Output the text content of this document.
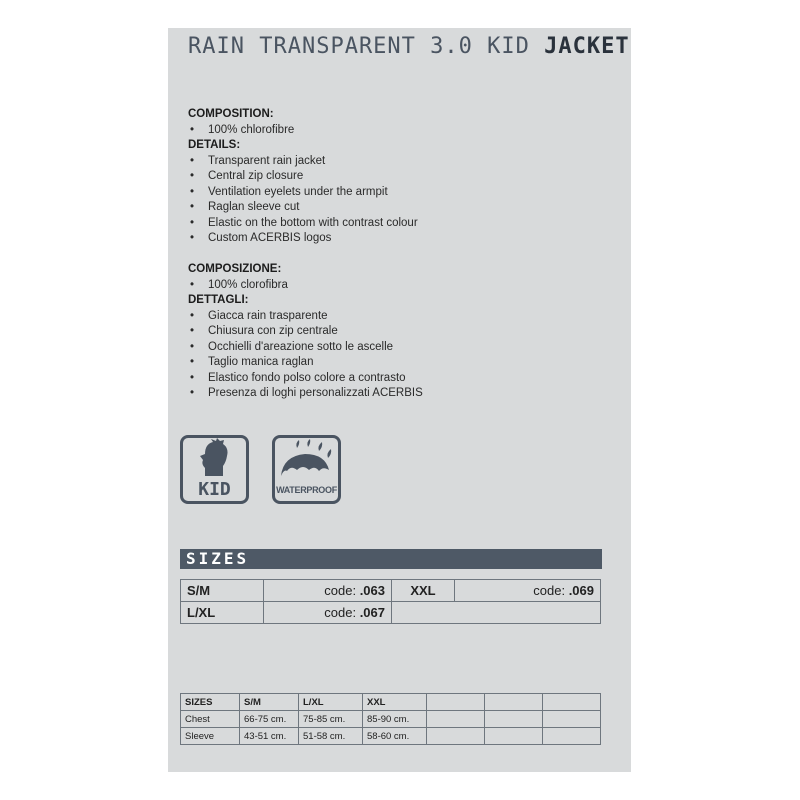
RAIN TRANSPARENT 3.0 KID JACKET
COMPOSITION:
• 100% chlorofibre
DETAILS:
• Transparent rain jacket
• Central zip closure
• Ventilation eyelets under the armpit
• Raglan sleeve cut
• Elastic on the bottom with contrast colour
• Custom ACERBIS logos
COMPOSIZIONE:
• 100% clorofibra
DETTAGLI:
• Giacca rain trasparente
• Chiusura con zip centrale
• Occhielli d'areazione sotto le ascelle
• Taglio manica raglan
• Elastico fondo polso colore a contrasto
• Presenza di loghi personalizzati ACERBIS
KID	WATERPROOF
SIZES
S/M	code: .063	XXL	code: .069
L/XL	code: .067		
SIZES	S/M	L/XL	XXL			
Chest	66-75 cm.	75-85 cm.	85-90 cm.			
Sleeve	43-51 cm.	51-58 cm.	58-60 cm.			
